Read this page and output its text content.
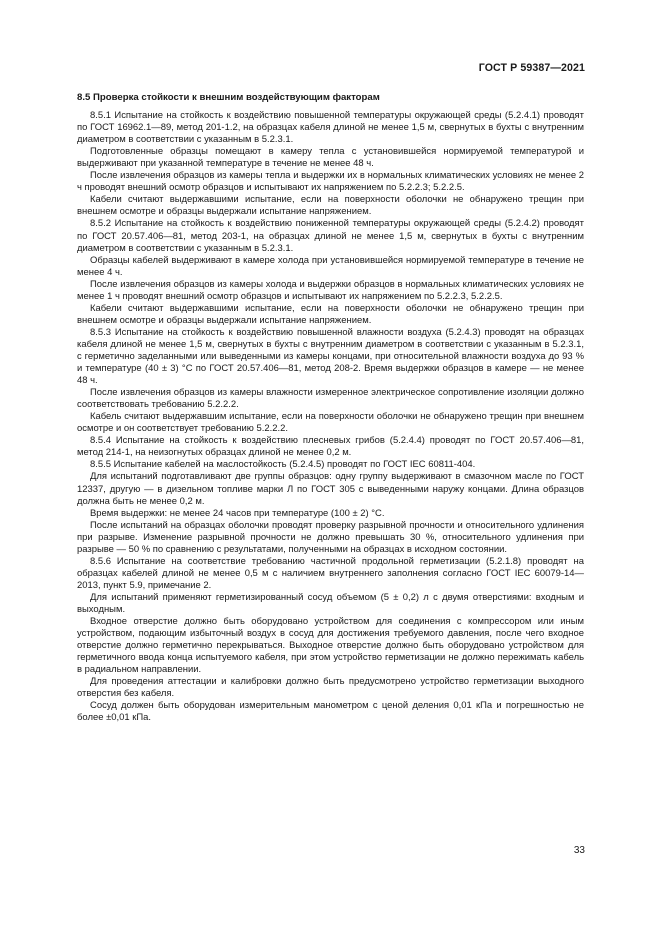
ГОСТ Р 59387—2021
8.5 Проверка стойкости к внешним воздействующим факторам

8.5.1 Испытание на стойкость к воздействию повышенной температуры окружающей среды (5.2.4.1) проводят по ГОСТ 16962.1—89, метод 201-1.2, на образцах кабеля длиной не менее 1,5 м, свернутых в бухты с внутренним диаметром в соответствии с указанным в 5.2.3.1.

Подготовленные образцы помещают в камеру тепла с установившейся нормируемой температурой и выдерживают при указанной температуре в течение не менее 48 ч.

После извлечения образцов из камеры тепла и выдержки их в нормальных климатических условиях не менее 2 ч проводят внешний осмотр образцов и испытывают их напряжением по 5.2.2.3; 5.2.2.5.

Кабели считают выдержавшими испытание, если на поверхности оболочки не обнаружено трещин при внешнем осмотре и образцы выдержали испытание напряжением.

8.5.2 Испытание на стойкость к воздействию пониженной температуры окружающей среды (5.2.4.2) проводят по ГОСТ 20.57.406—81, метод 203-1, на образцах длиной не менее 1,5 м, свернутых в бухты с внутренним диаметром в соответствии с указанным в 5.2.3.1.

Образцы кабелей выдерживают в камере холода при установившейся нормируемой температуре в течение не менее 4 ч.

После извлечения образцов из камеры холода и выдержки образцов в нормальных климатических условиях не менее 1 ч проводят внешний осмотр образцов и испытывают их напряжением по 5.2.2.3, 5.2.2.5.

Кабели считают выдержавшими испытание, если на поверхности оболочки не обнаружено трещин при внешнем осмотре и образцы выдержали испытание напряжением.

8.5.3 Испытание на стойкость к воздействию повышенной влажности воздуха (5.2.4.3) проводят на образцах кабеля длиной не менее 1,5 м, свернутых в бухты с внутренним диаметром в соответствии с указанным в 5.2.3.1, с герметично заделанными или выведенными из камеры концами, при относительной влажности воздуха до 93 % и температуре (40 ± 3) °С по ГОСТ 20.57.406—81, метод 208-2. Время выдержки образцов в камере — не менее 48 ч.

После извлечения образцов из камеры влажности измеренное электрическое сопротивление изоляции должно соответствовать требованию 5.2.2.2.

Кабель считают выдержавшим испытание, если на поверхности оболочки не обнаружено трещин при внешнем осмотре и он соответствует требованию 5.2.2.2.

8.5.4 Испытание на стойкость к воздействию плесневых грибов (5.2.4.4) проводят по ГОСТ 20.57.406—81, метод 214-1, на неизогнутых образцах длиной не менее 0,2 м.

8.5.5 Испытание кабелей на маслостойкость (5.2.4.5) проводят по ГОСТ IEC 60811-404.

Для испытаний подготавливают две группы образцов: одну группу выдерживают в смазочном масле по ГОСТ 12337, другую — в дизельном топливе марки Л по ГОСТ 305 с выведенными наружу концами. Длина образцов должна быть не менее 0,2 м.

Время выдержки: не менее 24 часов при температуре (100 ± 2) °С.

После испытаний на образцах оболочки проводят проверку разрывной прочности и относительного удлинения при разрыве. Изменение разрывной прочности не должно превышать 30 %, относительного удлинения при разрыве — 50 % по сравнению с результатами, полученными на образцах в исходном состоянии.

8.5.6 Испытание на соответствие требованию частичной продольной герметизации (5.2.1.8) проводят на образцах кабелей длиной не менее 0,5 м с наличием внутреннего заполнения согласно ГОСТ IEC 60079-14—2013, пункт 5.9, примечание 2.

Для испытаний применяют герметизированный сосуд объемом (5 ± 0,2) л с двумя отверстиями: входным и выходным.

Входное отверстие должно быть оборудовано устройством для соединения с компрессором или иным устройством, подающим избыточный воздух в сосуд для достижения требуемого давления, после чего входное отверстие должно герметично перекрываться. Выходное отверстие должно быть оборудовано устройством для герметичного ввода конца испытуемого кабеля, при этом устройство герметизации не должно пережимать кабель в радиальном направлении.

Для проведения аттестации и калибровки должно быть предусмотрено устройство герметизации выходного отверстия без кабеля.

Сосуд должен быть оборудован измерительным манометром с ценой деления 0,01 кПа и погрешностью не более ±0,01 кПа.

33
